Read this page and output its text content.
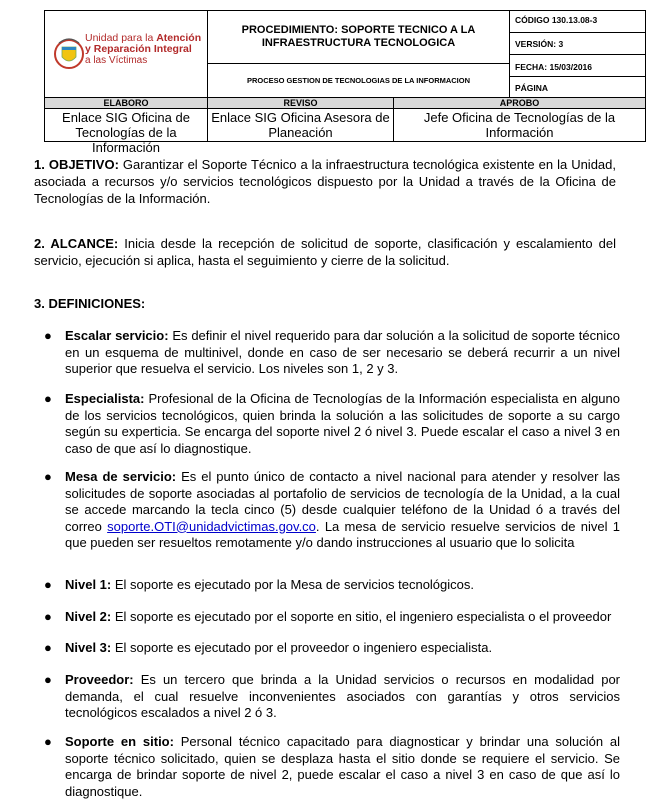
Unidad para la Atención
y Reparación Integral
a las Víctimas
PROCEDIMIENTO: SOPORTE TECNICO A LA INFRAESTRUCTURA TECNOLOGICA
PROCESO GESTION DE TECNOLOGIAS DE LA INFORMACION
CÓDIGO 130.13.08-3
VERSIÓN: 3
FECHA: 15/03/2016
PÁGINA
ELABORO	REVISO	APROBO
Enlace SIG Oficina de Tecnologías de la Información
Enlace SIG Oficina Asesora de Planeación
Jefe Oficina de Tecnologías de la Información
1. OBJETIVO: Garantizar el Soporte Técnico a la infraestructura tecnológica existente en la Unidad, asociada a recursos y/o servicios tecnológicos dispuesto por la Unidad a través de la Oficina de Tecnologías de la Información.
2. ALCANCE: Inicia desde la recepción de solicitud de soporte, clasificación y escalamiento del servicio, ejecución si aplica, hasta el seguimiento y cierre de la solicitud.
3. DEFINICIONES:
● Escalar servicio: Es definir el nivel requerido para dar solución a la solicitud de soporte técnico en un esquema de multinivel, donde en caso de ser necesario se deberá recurrir a un nivel superior que resuelva el servicio. Los niveles son 1, 2 y 3.
● Especialista: Profesional de la Oficina de Tecnologías de la Información especialista en alguno de los servicios tecnológicos, quien brinda la solución a las solicitudes de soporte a su cargo según su experticia. Se encarga del soporte nivel 2 ó nivel 3. Puede escalar el caso a nivel 3 en caso de que así lo diagnostique.
● Mesa de servicio: Es el punto único de contacto a nivel nacional para atender y resolver las solicitudes de soporte asociadas al portafolio de servicios de tecnología de la Unidad, a la cual se accede marcando la tecla cinco (5) desde cualquier teléfono de la Unidad ó a través del correo soporte.OTI@unidadvictimas.gov.co. La mesa de servicio resuelve servicios de nivel 1 que pueden ser resueltos remotamente y/o dando instrucciones al usuario que lo solicita
● Nivel 1: El soporte es ejecutado por la Mesa de servicios tecnológicos.
● Nivel 2: El soporte es ejecutado por el soporte en sitio, el ingeniero especialista o el proveedor
● Nivel 3: El soporte es ejecutado por el proveedor o ingeniero especialista.
● Proveedor: Es un tercero que brinda a la Unidad servicios o recursos en modalidad por demanda, el cual resuelve inconvenientes asociados con garantías y otros servicios tecnológicos escalados a nivel 2 ó 3.
● Soporte en sitio: Personal técnico capacitado para diagnosticar y brindar una solución al soporte técnico solicitado, quien se desplaza hasta el sitio donde se requiere el servicio. Se encarga de brindar soporte de nivel 2, puede escalar el caso a nivel 3 en caso de que así lo diagnostique.
